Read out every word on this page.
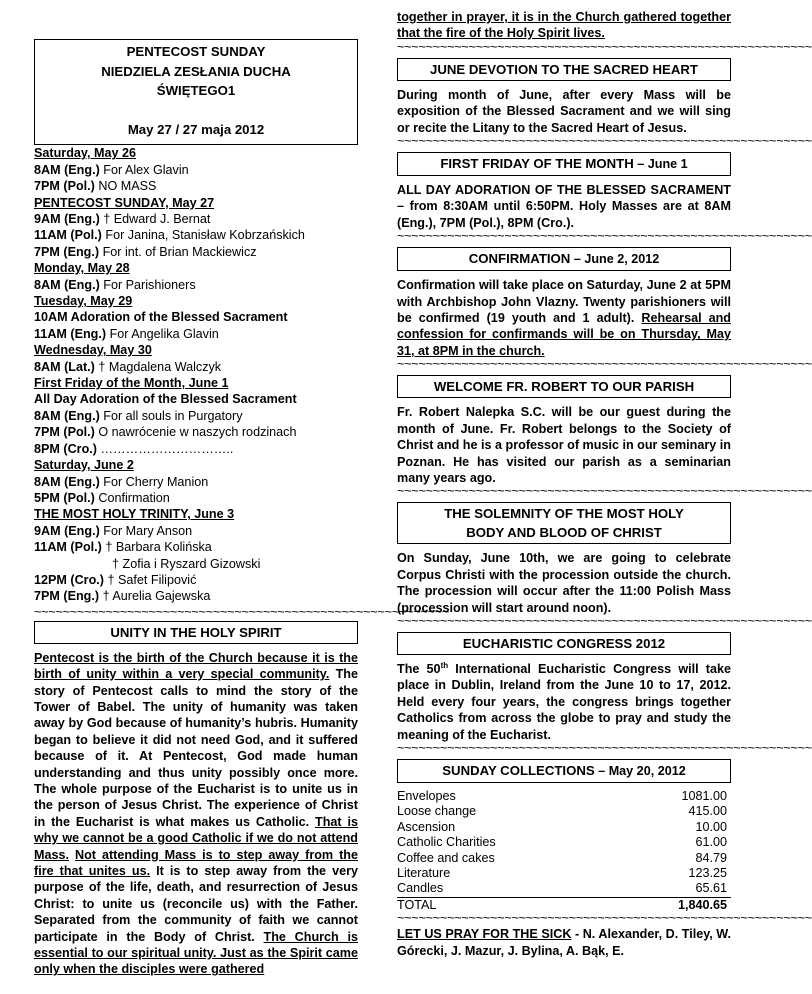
PENTECOST SUNDAY
NIEDZIELA ZESŁANIA DUCHA
ŚWIĘTEGO1
May 27 / 27 maja 2012
Saturday, May 26
8AM (Eng.) For Alex Glavin
7PM (Pol.) NO MASS
PENTECOST SUNDAY, May 27
9AM (Eng.) † Edward J. Bernat
11AM (Pol.) For Janina, Stanisław Kobrzańskich
7PM (Eng.) For int. of Brian Mackiewicz
Monday, May 28
8AM (Eng.) For Parishioners
Tuesday, May 29
10AM Adoration of the Blessed Sacrament
11AM (Eng.) For Angelika Glavin
Wednesday, May 30
8AM (Lat.) † Magdalena Walczyk
First Friday of the Month, June 1
All Day Adoration of the Blessed Sacrament
8AM (Eng.) For all souls in Purgatory
7PM (Pol.) O nawrócenie w naszych rodzinach
8PM (Cro.) …………………………..
Saturday, June 2
8AM (Eng.) For Cherry Manion
5PM (Pol.) Confirmation
THE MOST HOLY TRINITY, June 3
9AM (Eng.) For Mary Anson
11AM (Pol.) † Barbara Kolińska
† Zofia i Ryszard Gizowski
12PM (Cro.) † Safet Filipović
7PM (Eng.) † Aurelia Gajewska
~~~~~~~~~~~~~~~~~~~~~~~~~~~~~~~~~~~~~~~~~~~~~~~~~~~~~~~~~~
UNITY IN THE HOLY SPIRIT
Pentecost is the birth of the Church because it is the birth of unity within a very special community. The story of Pentecost calls to mind the story of the Tower of Babel. The unity of humanity was taken away by God because of humanity’s hubris. Humanity began to believe it did not need God, and it suffered because of it. At Pentecost, God made human understanding and thus unity possibly once more. The whole purpose of the Eucharist is to unite us in the person of Jesus Christ. The experience of Christ in the Eucharist is what makes us Catholic. That is why we cannot be a good Catholic if we do not attend Mass. Not attending Mass is to step away from the fire that unites us. It is to step away from the very purpose of the life, death, and resurrection of Jesus Christ: to unite us (reconcile us) with the Father. Separated from the community of faith we cannot participate in the Body of Christ. The Church is essential to our spiritual unity. Just as the Spirit came only when the disciples were gathered
together in prayer, it is in the Church gathered together that the fire of the Holy Spirit lives.
~~~~~~~~~~~~~~~~~~~~~~~~~~~~~~~~~~~~~~~~~~~~~~~~~~~~~~~~~~
JUNE DEVOTION TO THE SACRED HEART
During month of June, after every Mass will be exposition of the Blessed Sacrament and we will sing or recite the Litany to the Sacred Heart of Jesus.
~~~~~~~~~~~~~~~~~~~~~~~~~~~~~~~~~~~~~~~~~~~~~~~~~~~~~~~~~~
FIRST FRIDAY OF THE MONTH – June 1
ALL DAY ADORATION OF THE BLESSED SACRAMENT – from 8:30AM until 6:50PM. Holy Masses are at 8AM (Eng.), 7PM (Pol.), 8PM (Cro.).
~~~~~~~~~~~~~~~~~~~~~~~~~~~~~~~~~~~~~~~~~~~~~~~~~~~~~~~~~~
CONFIRMATION – June 2, 2012
Confirmation will take place on Saturday, June 2 at 5PM with Archbishop John Vlazny. Twenty parishioners will be confirmed (19 youth and 1 adult). Rehearsal and confession for confirmands will be on Thursday, May 31, at 8PM in the church.
~~~~~~~~~~~~~~~~~~~~~~~~~~~~~~~~~~~~~~~~~~~~~~~~~~~~~~~~~~
WELCOME FR. ROBERT TO OUR PARISH
Fr. Robert Nalepka S.C. will be our guest during the month of June. Fr. Robert belongs to the Society of Christ and he is a professor of music in our seminary in Poznan. He has visited our parish as a seminarian many years ago.
~~~~~~~~~~~~~~~~~~~~~~~~~~~~~~~~~~~~~~~~~~~~~~~~~~~~~~~~~~
THE SOLEMNITY OF THE MOST HOLY
BODY AND BLOOD OF CHRIST
On Sunday, June 10th, we are going to celebrate Corpus Christi with the procession outside the church. The procession will occur after the 11:00 Polish Mass (procession will start around noon).
~~~~~~~~~~~~~~~~~~~~~~~~~~~~~~~~~~~~~~~~~~~~~~~~~~~~~~~~~~
EUCHARISTIC CONGRESS 2012
The 50th International Eucharistic Congress will take place in Dublin, Ireland from the June 10 to 17, 2012. Held every four years, the congress brings together Catholics from across the globe to pray and study the meaning of the Eucharist.
~~~~~~~~~~~~~~~~~~~~~~~~~~~~~~~~~~~~~~~~~~~~~~~~~~~~~~~~~~
SUNDAY COLLECTIONS – May 20, 2012
Envelopes	1081.00
Loose change	415.00
Ascension	10.00
Catholic Charities	61.00
Coffee and cakes	84.79
Literature	123.25
Candles	65.61
TOTAL	1,840.65
~~~~~~~~~~~~~~~~~~~~~~~~~~~~~~~~~~~~~~~~~~~~~~~~~~~~~~~~~~
LET US PRAY FOR THE SICK - N. Alexander, D. Tiley, W. Górecki, J. Mazur, J. Bylina, A. Bąk, E.
